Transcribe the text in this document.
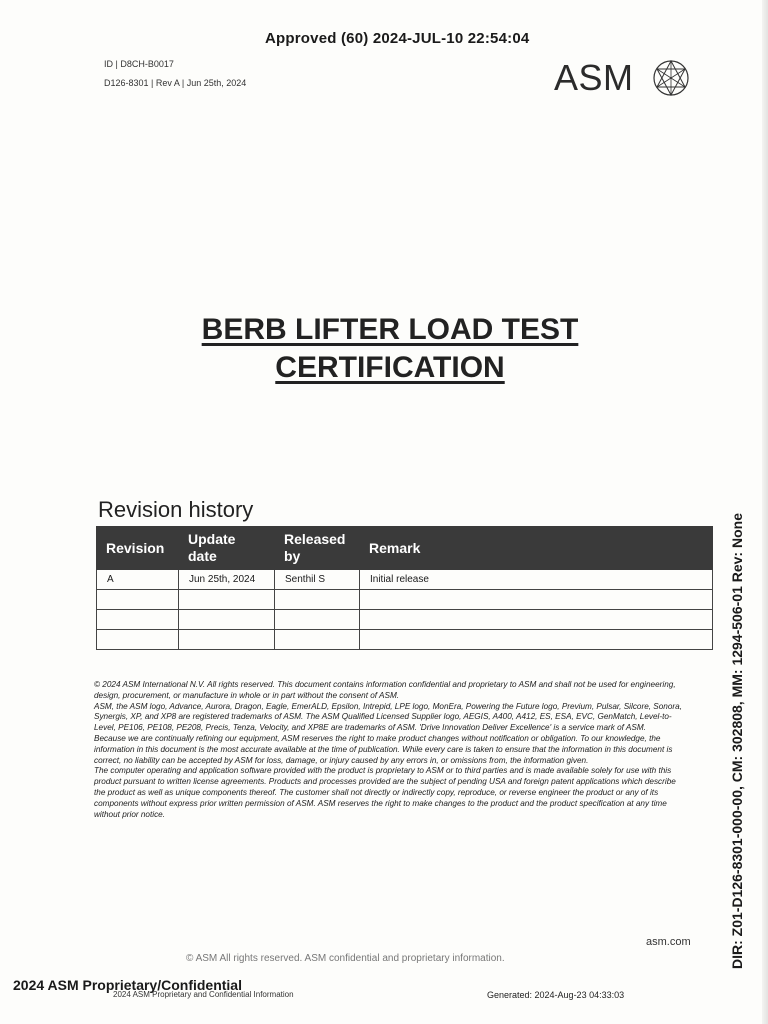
Approved (60) 2024-JUL-10 22:54:04
ID | D8CH-B0017
D126-8301 | Rev A | Jun 25th, 2024	ASM
BERB LIFTER LOAD TEST
CERTIFICATION
Revision history
Revision	Update date	Released by	Remark
A	Jun 25th, 2024	Senthil S	Initial release

© 2024 ASM International N.V. All rights reserved. This document contains information confidential and proprietary to ASM and shall not be used for engineering, design, procurement, or manufacture in whole or in part without the consent of ASM.

ASM, the ASM logo, Advance, Aurora, Dragon, Eagle, EmerALD, Epsilon, Intrepid, LPE logo, MonEra, Powering the Future logo, Previum, Pulsar, Silcore, Sonora, Synergis, XP, and XP8 are registered trademarks of ASM. The ASM Qualified Licensed Supplier logo, AEGIS, A400, A412, ES, ESA, EVC, GenMatch, Level-to-Level, PE106, PE108, PE208, Precis, Tenza, Velocity, and XP8E are trademarks of ASM. 'Drive Innovation Deliver Excellence' is a service mark of ASM.

Because we are continually refining our equipment, ASM reserves the right to make product changes without notification or obligation. To our knowledge, the information in this document is the most accurate available at the time of publication. While every care is taken to ensure that the information in this document is correct, no liability can be accepted by ASM for loss, damage, or injury caused by any errors in, or omissions from, the information given.

The computer operating and application software provided with the product is proprietary to ASM or to third parties and is made available solely for use with this product pursuant to written license agreements. Products and processes provided are the subject of pending USA and foreign patent applications which describe the product as well as unique components thereof. The customer shall not directly or indirectly copy, reproduce, or reverse engineer the product or any of its components without express prior written permission of ASM. ASM reserves the right to make changes to the product and the product specification at any time without prior notice.

asm.com
© ASM All rights reserved. ASM confidential and proprietary information.
2024 ASM Proprietary/Confidential
2024 ASM Proprietary and Confidential Information	Generated: 2024-Aug-23 04:33:03
DIR: Z01-D126-8301-000-00, CM: 302808, MM: 1294-506-01 Rev: None
